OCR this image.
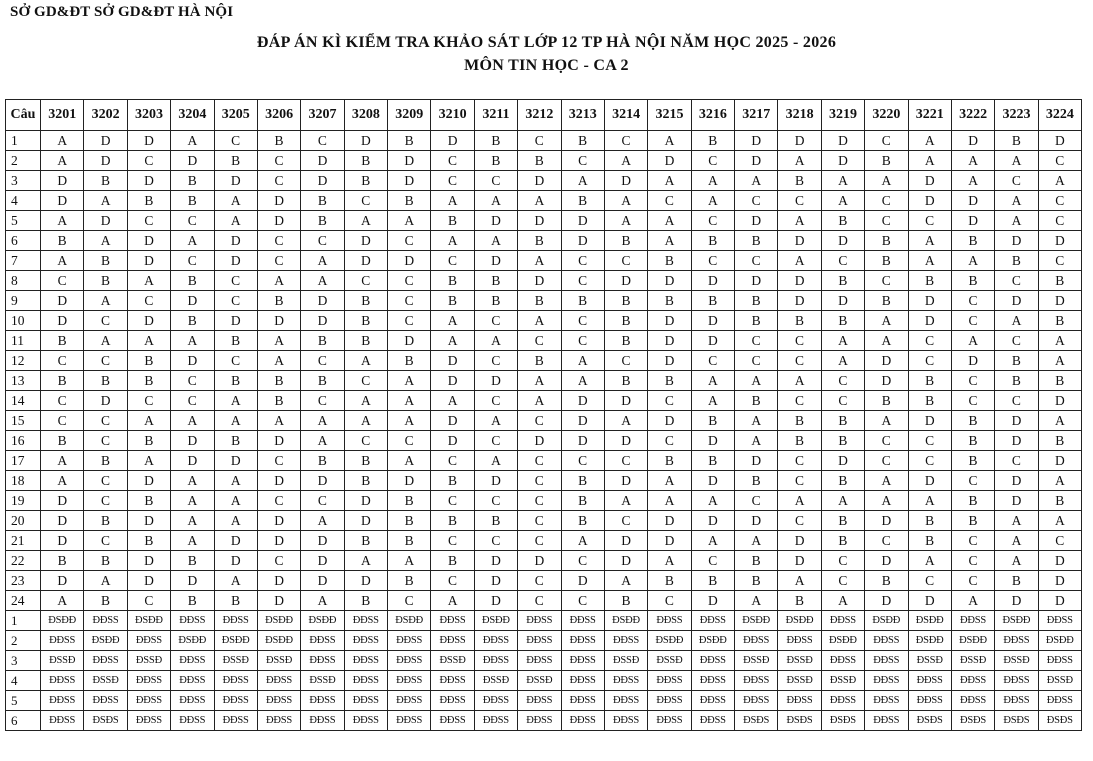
SỞ GD&ĐT SỞ GD&ĐT HÀ NỘI
ĐÁP ÁN KÌ KIỂM TRA KHẢO SÁT LỚP 12 TP HÀ NỘI NĂM HỌC 2025 - 2026
MÔN TIN HỌC - CA 2
Câu	3201	3202	3203	3204	3205	3206	3207	3208	3209	3210	3211	3212	3213	3214	3215	3216	3217	3218	3219	3220	3221	3222	3223	3224
1	A	D	D	A	C	B	C	D	B	D	B	C	B	C	A	B	D	D	D	C	A	D	B	D
2	A	D	C	D	B	C	D	B	D	C	B	B	C	A	D	C	D	A	D	B	A	A	A	C
3	D	B	D	B	D	C	D	B	D	C	C	D	A	D	A	A	A	B	A	A	D	A	C	A
4	D	A	B	B	A	D	B	C	B	A	A	A	B	A	C	A	C	C	A	C	D	D	A	C
5	A	D	C	C	A	D	B	A	A	B	D	D	D	A	A	C	D	A	B	C	C	D	A	C
6	B	A	D	A	D	C	C	D	C	A	A	B	D	B	A	B	B	D	D	B	A	B	D	D
7	A	B	D	C	D	C	A	D	D	C	D	A	C	C	B	C	C	A	C	B	A	A	B	C
8	C	B	A	B	C	A	A	C	C	B	B	D	C	D	D	D	D	D	B	C	B	B	C	B
9	D	A	C	D	C	B	D	B	C	B	B	B	B	B	B	B	B	D	D	B	D	C	D	D
10	D	C	D	B	D	D	D	B	C	A	C	A	C	B	D	D	B	B	B	A	D	C	A	B
11	B	A	A	A	B	A	B	B	D	A	A	C	C	B	D	D	C	C	A	A	C	A	C	A
12	C	C	B	D	C	A	C	A	B	D	C	B	A	C	D	C	C	C	A	D	C	D	B	A
13	B	B	B	C	B	B	B	C	A	D	D	A	A	B	B	A	A	A	C	D	B	C	B	B
14	C	D	C	C	A	B	C	A	A	A	C	A	D	D	C	A	B	C	C	B	B	C	C	D
15	C	C	A	A	A	A	A	A	A	D	A	C	D	A	D	B	A	B	B	A	D	B	D	A
16	B	C	B	D	B	D	A	C	C	D	C	D	D	D	C	D	A	B	B	C	C	B	D	B
17	A	B	A	D	D	C	B	B	A	C	A	C	C	C	B	B	D	C	D	C	C	B	C	D
18	A	C	D	A	A	D	D	B	D	B	D	C	B	D	A	D	B	C	B	A	D	C	D	A
19	D	C	B	A	A	C	C	D	B	C	C	C	B	A	A	A	C	A	A	A	A	B	D	B
20	D	B	D	A	A	D	A	D	B	B	B	C	B	C	D	D	D	C	B	D	B	B	A	A
21	D	C	B	A	D	D	D	B	B	C	C	C	A	D	D	A	A	D	B	C	B	C	A	C
22	B	B	D	B	D	C	D	A	A	B	D	D	C	D	A	C	B	D	C	D	A	C	A	D
23	D	A	D	D	A	D	D	D	B	C	D	C	D	A	B	B	B	A	C	B	C	C	B	D
24	A	B	C	B	B	D	A	B	C	A	D	C	C	B	C	D	A	B	A	D	D	A	D	D
1	ĐSĐĐ	ĐĐSS	ĐSĐĐ	ĐĐSS	ĐĐSS	ĐSĐĐ	ĐSĐĐ	ĐĐSS	ĐSĐĐ	ĐĐSS	ĐSĐĐ	ĐĐSS	ĐĐSS	ĐSĐĐ	ĐĐSS	ĐĐSS	ĐSĐĐ	ĐSĐĐ	ĐĐSS	ĐSĐĐ	ĐSĐĐ	ĐĐSS	ĐSĐĐ	ĐĐSS
2	ĐĐSS	ĐSĐĐ	ĐĐSS	ĐSĐĐ	ĐSĐĐ	ĐSĐĐ	ĐĐSS	ĐĐSS	ĐĐSS	ĐĐSS	ĐĐSS	ĐĐSS	ĐĐSS	ĐĐSS	ĐSĐĐ	ĐSĐĐ	ĐĐSS	ĐĐSS	ĐSĐĐ	ĐĐSS	ĐSĐĐ	ĐSĐĐ	ĐĐSS	ĐSĐĐ
3	ĐSSĐ	ĐĐSS	ĐSSĐ	ĐĐSS	ĐSSĐ	ĐSSĐ	ĐĐSS	ĐĐSS	ĐĐSS	ĐSSĐ	ĐĐSS	ĐĐSS	ĐĐSS	ĐSSĐ	ĐSSĐ	ĐĐSS	ĐSSĐ	ĐSSĐ	ĐĐSS	ĐĐSS	ĐSSĐ	ĐSSĐ	ĐSSĐ	ĐĐSS
4	ĐĐSS	ĐSSĐ	ĐĐSS	ĐĐSS	ĐĐSS	ĐĐSS	ĐSSĐ	ĐĐSS	ĐĐSS	ĐĐSS	ĐSSĐ	ĐSSĐ	ĐĐSS	ĐĐSS	ĐĐSS	ĐĐSS	ĐĐSS	ĐSSĐ	ĐSSĐ	ĐĐSS	ĐĐSS	ĐĐSS	ĐĐSS	ĐSSĐ
5	ĐĐSS	ĐĐSS	ĐĐSS	ĐĐSS	ĐĐSS	ĐĐSS	ĐĐSS	ĐĐSS	ĐĐSS	ĐĐSS	ĐĐSS	ĐĐSS	ĐĐSS	ĐĐSS	ĐĐSS	ĐĐSS	ĐĐSS	ĐĐSS	ĐĐSS	ĐĐSS	ĐĐSS	ĐĐSS	ĐĐSS	ĐĐSS
6	ĐĐSS	ĐSĐS	ĐĐSS	ĐĐSS	ĐĐSS	ĐĐSS	ĐĐSS	ĐĐSS	ĐĐSS	ĐĐSS	ĐĐSS	ĐĐSS	ĐĐSS	ĐĐSS	ĐĐSS	ĐĐSS	ĐSĐS	ĐSĐS	ĐSĐS	ĐĐSS	ĐSĐS	ĐSĐS	ĐSĐS	ĐSĐS
